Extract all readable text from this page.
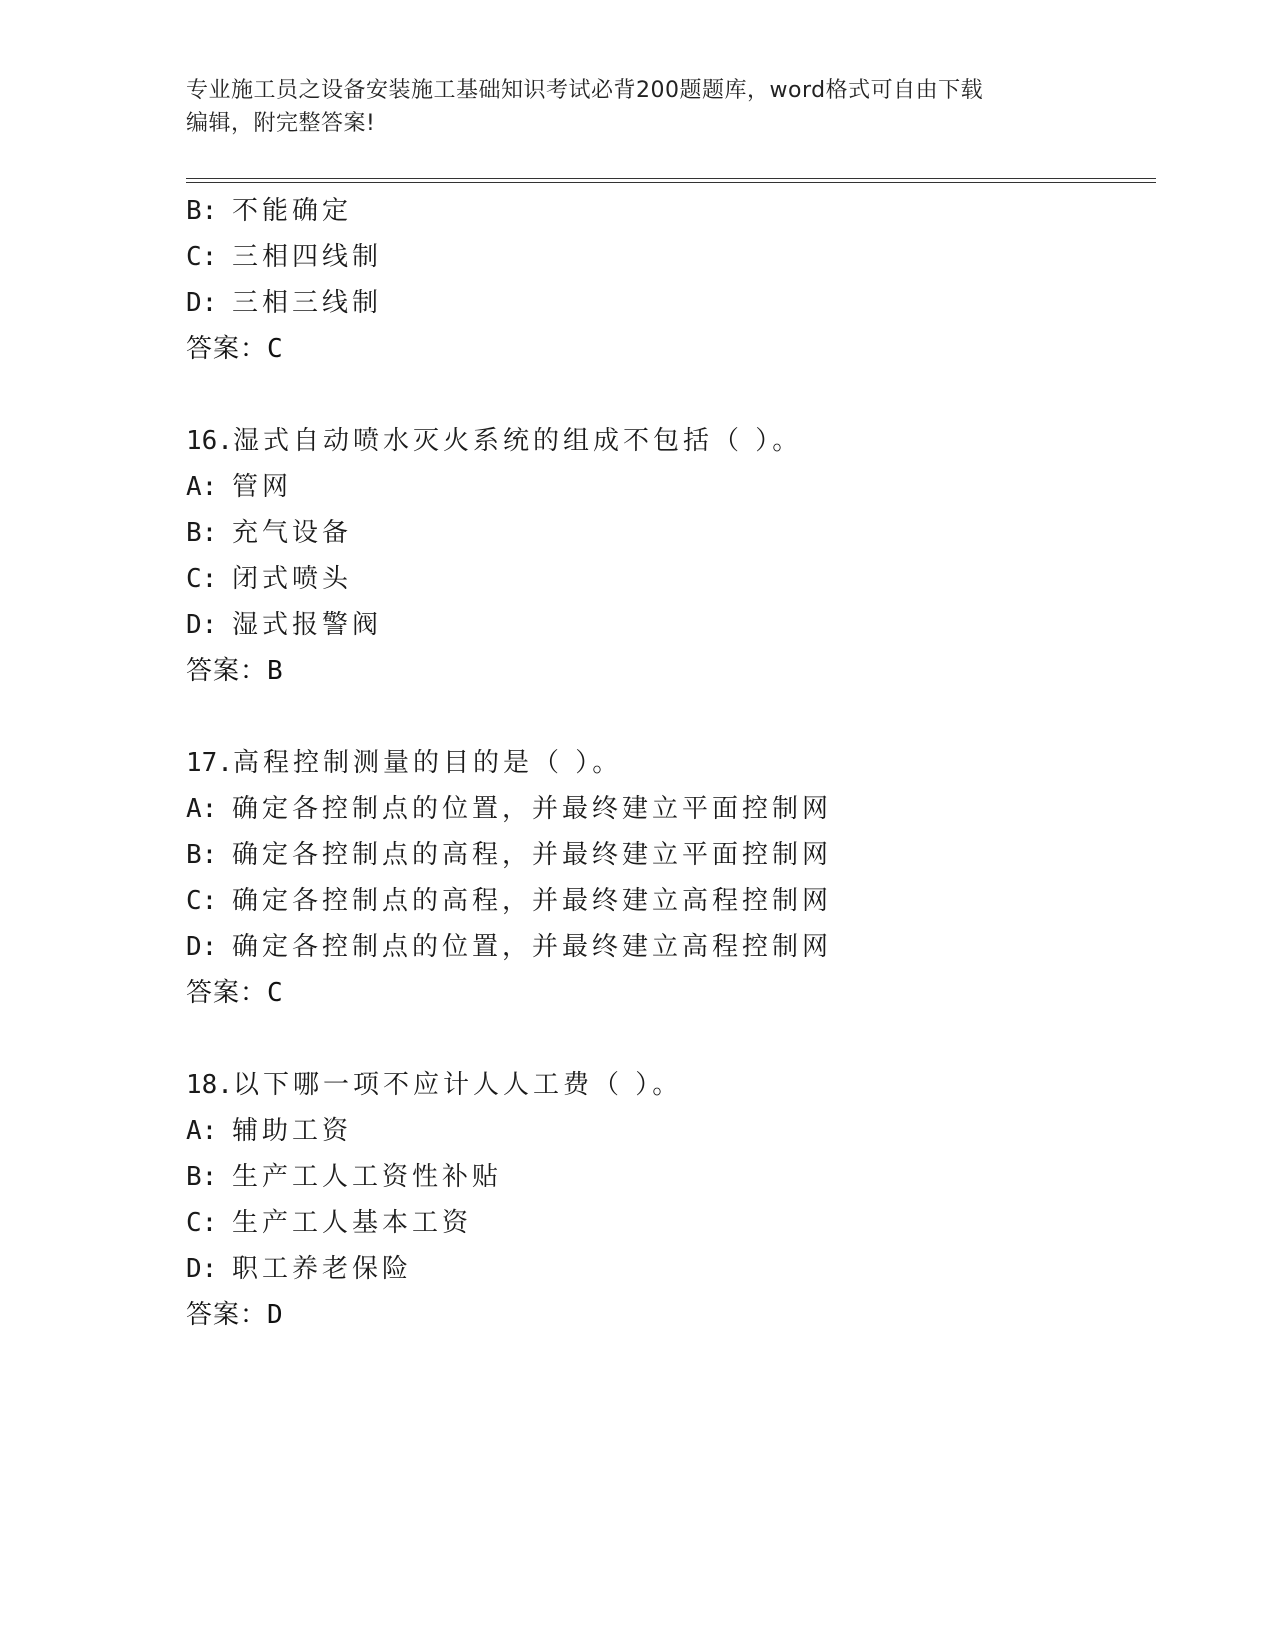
专业施工员之设备安装施工基础知识考试必背200题题库，word格式可自由下载
编辑，附完整答案!
B: 不能确定
C: 三相四线制
D: 三相三线制
答案：C
16.湿式自动喷水灭火系统的组成不包括（ ）。
A: 管网
B: 充气设备
C: 闭式喷头
D: 湿式报警阀
答案：B
17.高程控制测量的目的是（ ）。
A: 确定各控制点的位置，并最终建立平面控制网
B: 确定各控制点的高程，并最终建立平面控制网
C: 确定各控制点的高程，并最终建立高程控制网
D: 确定各控制点的位置，并最终建立高程控制网
答案：C
18.以下哪一项不应计人人工费（ ）。
A: 辅助工资
B: 生产工人工资性补贴
C: 生产工人基本工资
D: 职工养老保险
答案：D
